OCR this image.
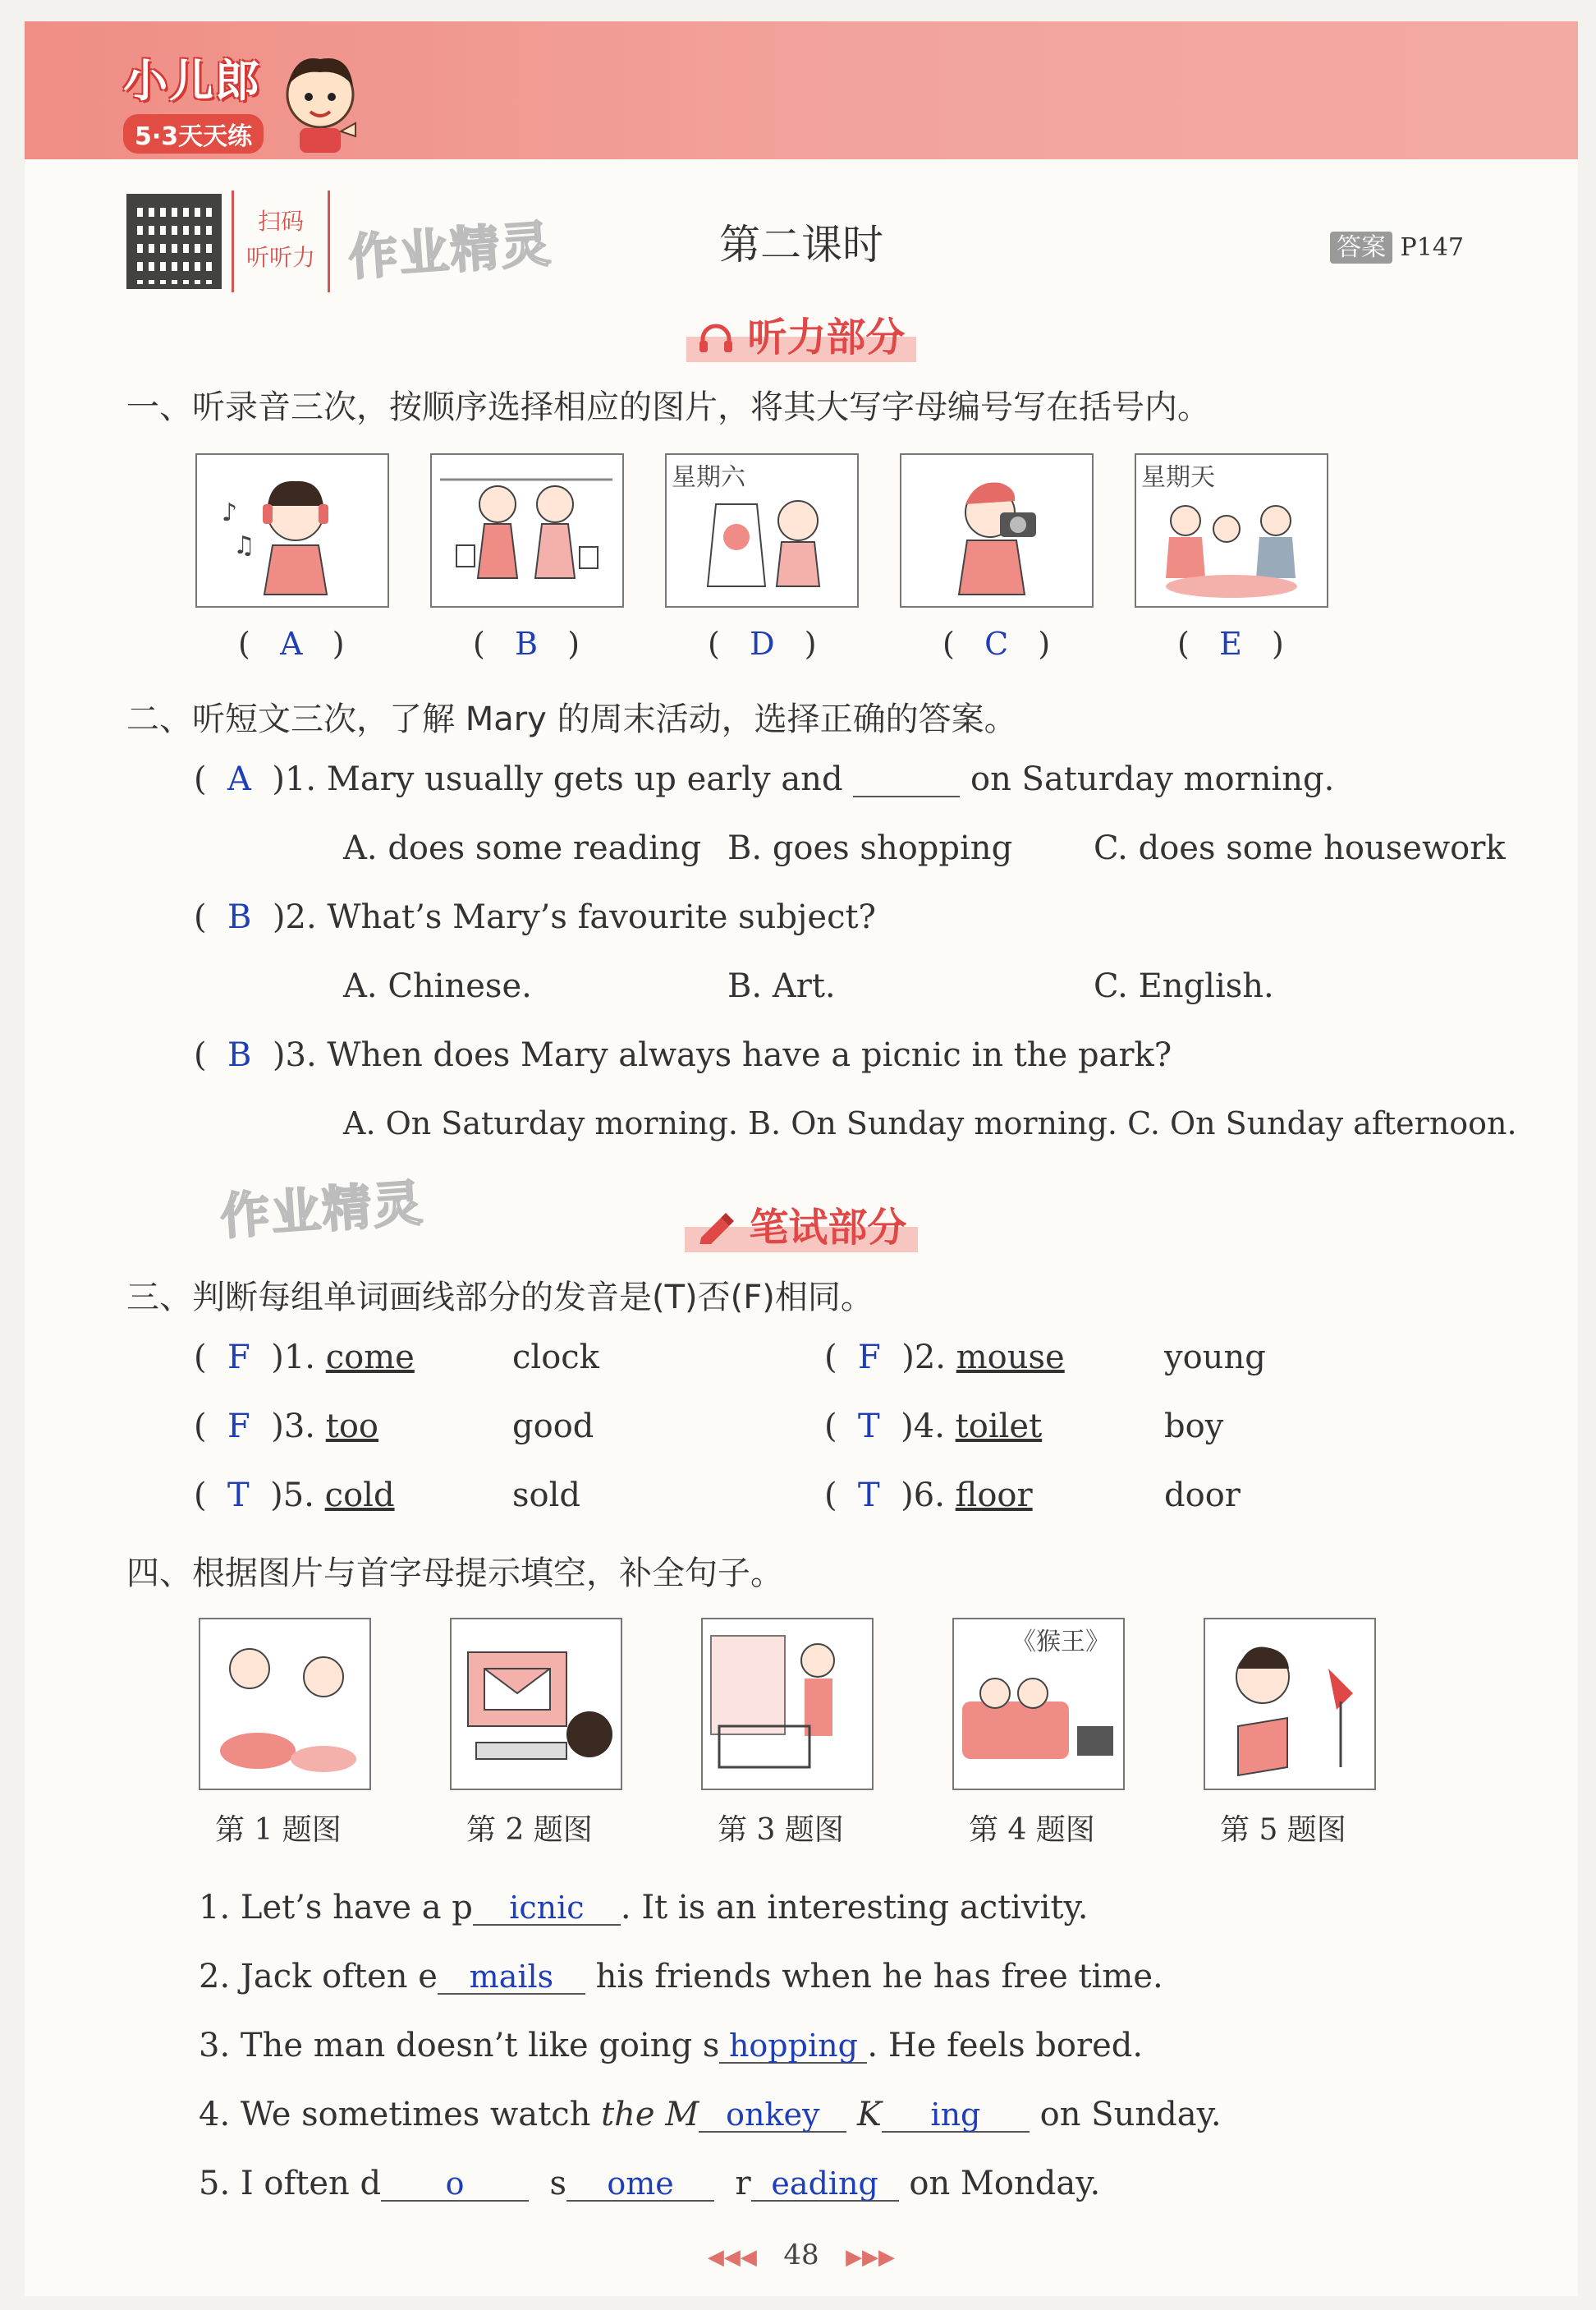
小儿郎
5·3天天练
扫码
听听力 作业精灵	第二课时	答案 P147
听力部分
一、听录音三次，按顺序选择相应的图片，将其大写字母编号写在括号内。
♪
♫
星期六	星期天
(   A   )	(   B   )	(   D   )	(   C   )	(   E   )
二、听短文三次，了解 Mary 的周末活动，选择正确的答案。
(  A )1. Mary usually gets up early and	on Saturday morning.
A. does some reading B. goes shopping C. does some housework
(  B )2. What’s Mary’s favourite subject?
A. Chinese.	B. Art.	C. English.
(  B )3. When does Mary always have a picnic in the park?
A. On Saturday morning. B. On Sunday morning. C. On Sunday afternoon.
作业精灵	笔试部分
三、判断每组单词画线部分的发音是(T)否(F)相同。
(  F )1. come	clock	(  F )2. mouse	young
(  F )3. too	good	(  T )4. toilet	boy
(  T )5. cold	sold	(  T )6. floor	door
四、根据图片与首字母提示填空，补全句子。
《猴王》
第 1 题图	第 2 题图	第 3 题图	第 4 题图	第 5 题图
1. Let’s have a p icnic . It is an interesting activity.
2. Jack often e mails his friends when he has free time.
3. The man doesn’t like going s hopping . He feels bored.
4. We sometimes watch the M onkey K ing on Sunday.
5. I often d o	s ome r eading on Monday.
◀◀◀ 48 ▶▶▶
